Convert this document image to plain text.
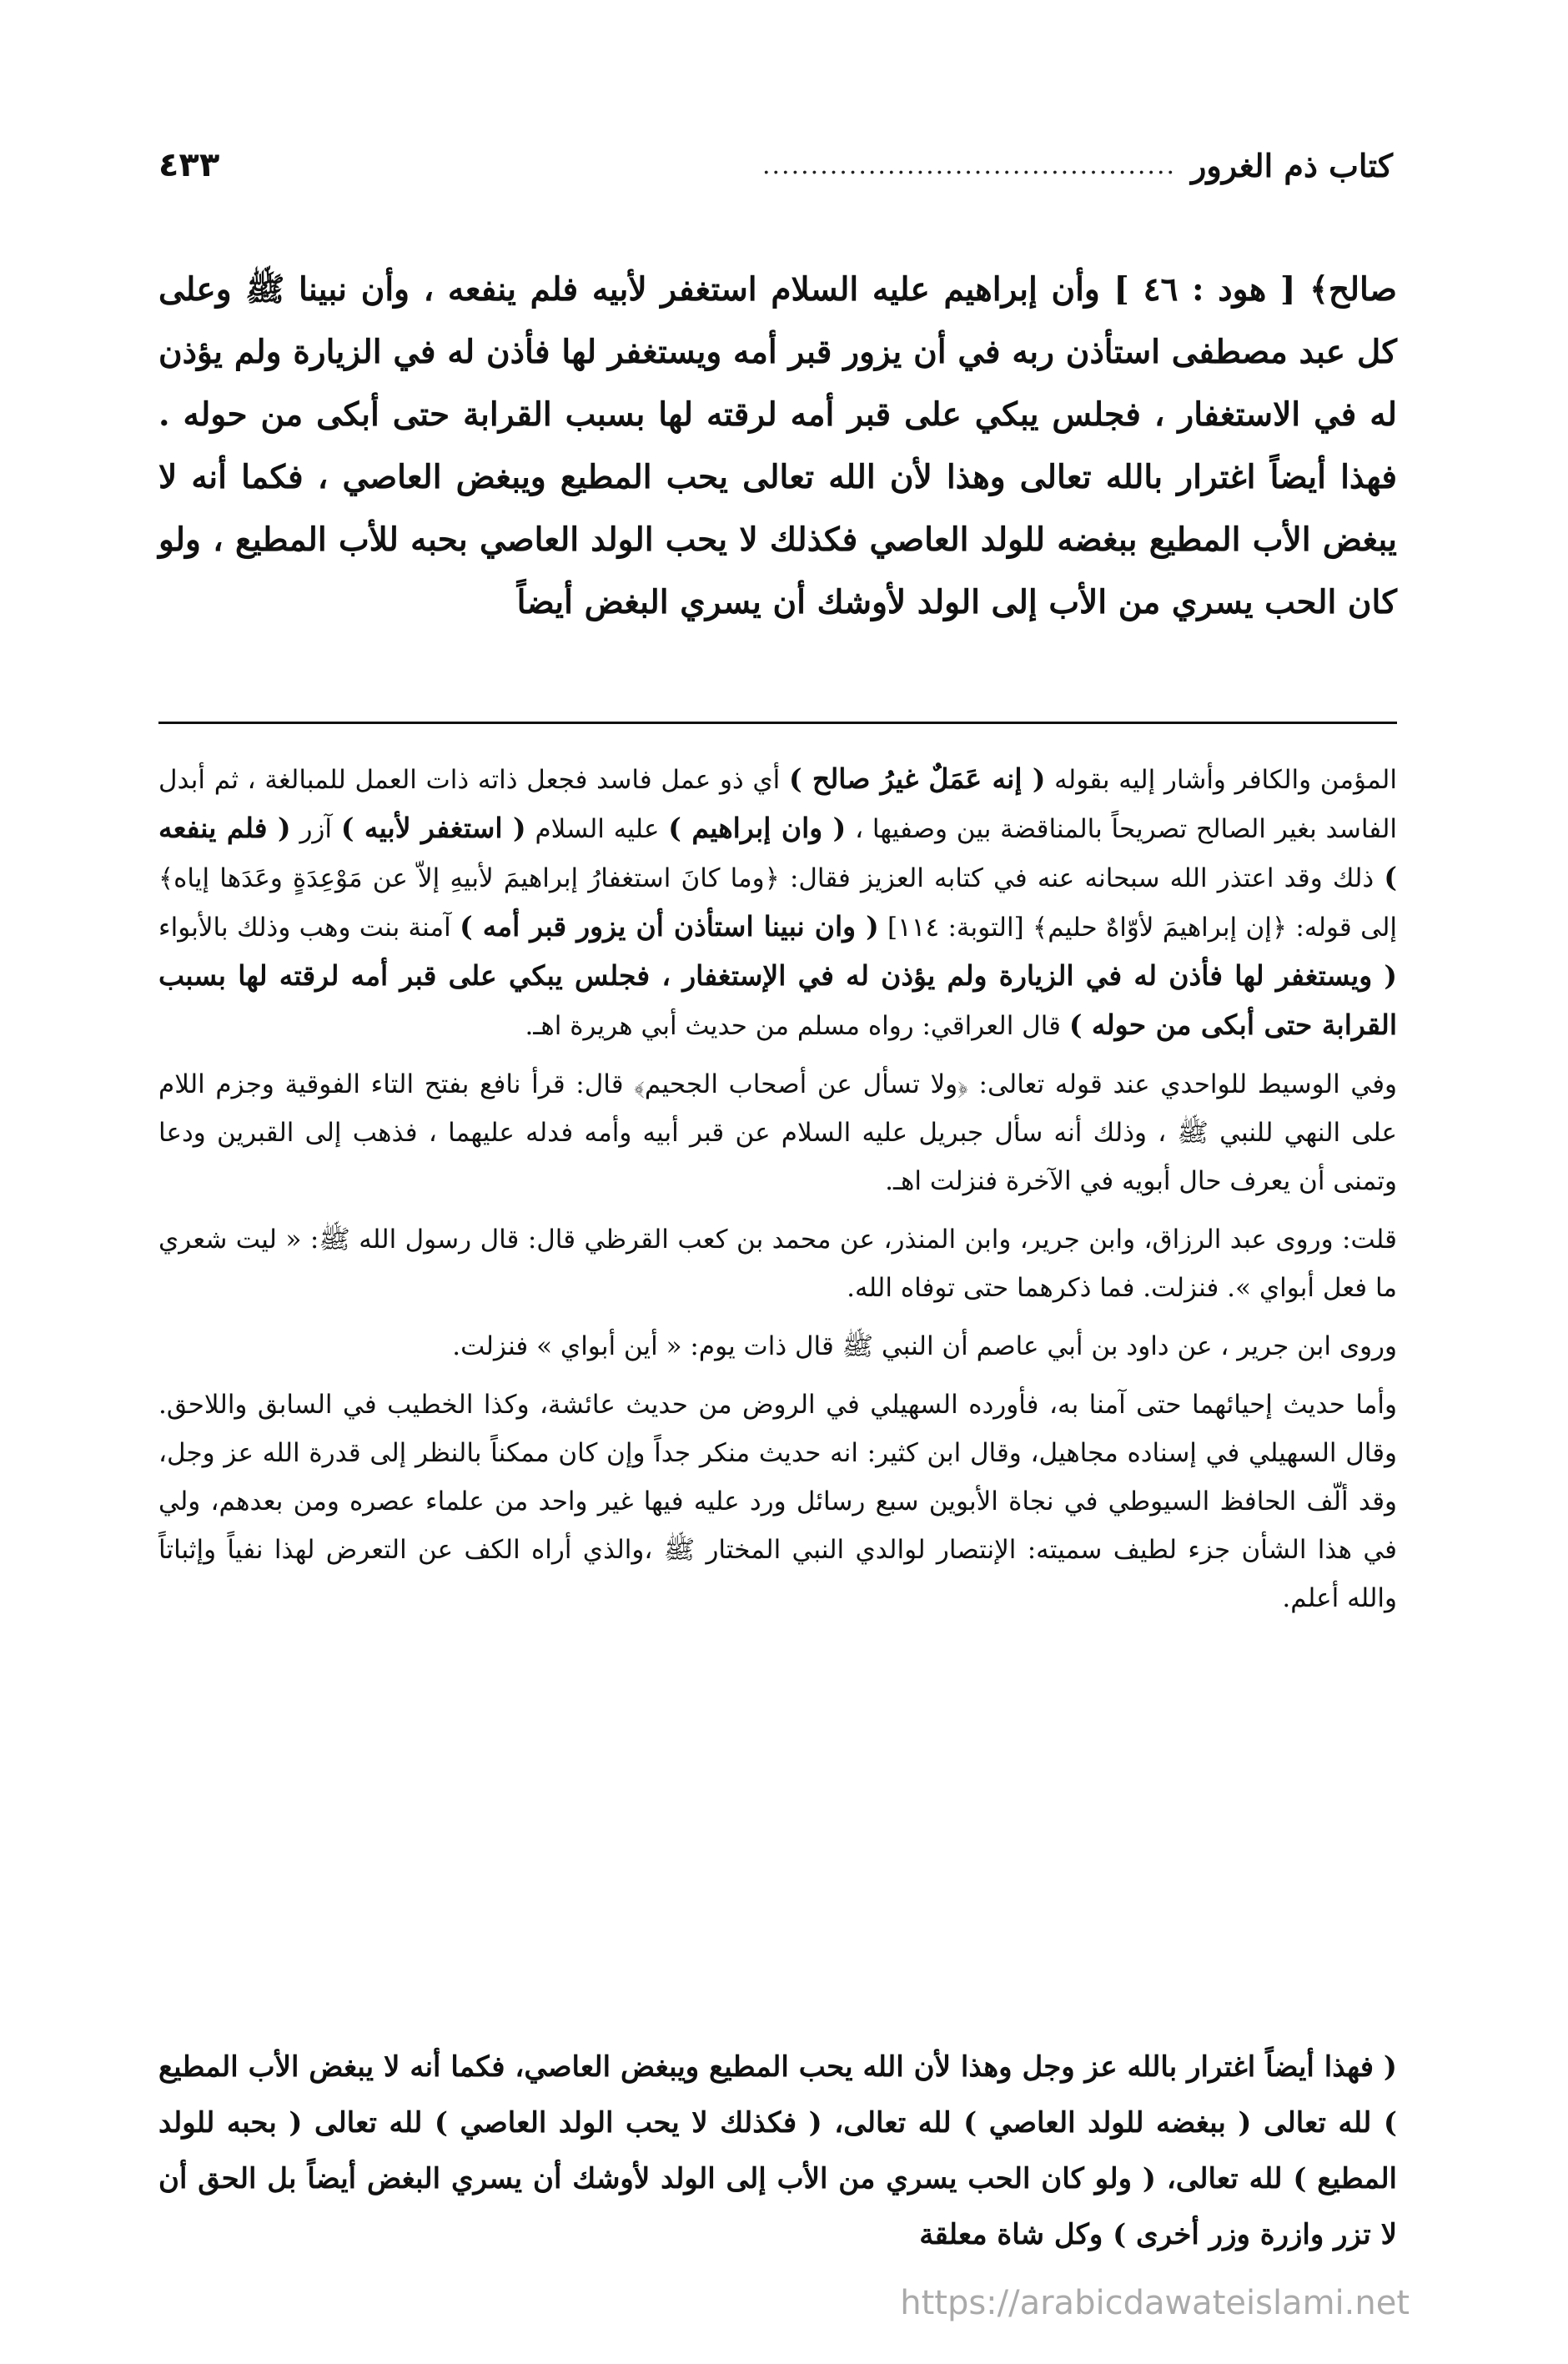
٤٣٣	........................................... كتاب ذم الغرور
صالح﴾ [ هود : ٤٦ ] وأن إبراهيم عليه السلام استغفر لأبيه فلم ينفعه ، وأن نبينا ﷺ وعلى كل عبد مصطفى استأذن ربه في أن يزور قبر أمه ويستغفر لها فأذن له في الزيارة ولم يؤذن له في الاستغفار ، فجلس يبكي على قبر أمه لرقته لها بسبب القرابة حتى أبكى من حوله . فهذا أيضاً اغترار بالله تعالى وهذا لأن الله تعالى يحب المطيع ويبغض العاصي ، فكما أنه لا يبغض الأب المطيع ببغضه للولد العاصي فكذلك لا يحب الولد العاصي بحبه للأب المطيع ، ولو كان الحب يسري من الأب إلى الولد لأوشك أن يسري البغض أيضاً

المؤمن والكافر وأشار إليه بقوله ( إنه عَمَلٌ غيرُ صالح ) أي ذو عمل فاسد فجعل ذاته ذات العمل للمبالغة ، ثم أبدل الفاسد بغير الصالح تصريحاً بالمناقضة بين وصفيها ، ( وان إبراهيم ) عليه السلام ( استغفر لأبيه ) آزر ( فلم ينفعه ) ذلك وقد اعتذر الله سبحانه عنه في كتابه العزيز فقال: ﴿وما كانَ استغفارُ إبراهيمَ لأبيهِ إلاّ عن مَوْعِدَةٍ وعَدَها إياه﴾ إلى قوله: ﴿إن إبراهيمَ لأوّاهٌ حليم﴾ [التوبة: ١١٤] ( وان نبينا استأذن أن يزور قبر أمه ) آمنة بنت وهب وذلك بالأبواء ( ويستغفر لها فأذن له في الزيارة ولم يؤذن له في الإستغفار ، فجلس يبكي على قبر أمه لرقته لها بسبب القرابة حتى أبكى من حوله ) قال العراقي: رواه مسلم من حديث أبي هريرة اهـ.

وفي الوسيط للواحدي عند قوله تعالى: ﴿ولا تسأل عن أصحاب الجحيم﴾ قال: قرأ نافع بفتح التاء الفوقية وجزم اللام على النهي للنبي ﷺ ، وذلك أنه سأل جبريل عليه السلام عن قبر أبيه وأمه فدله عليهما ، فذهب إلى القبرين ودعا وتمنى أن يعرف حال أبويه في الآخرة فنزلت اهـ.

قلت: وروى عبد الرزاق، وابن جرير، وابن المنذر، عن محمد بن كعب القرظي قال: قال رسول الله ﷺ: « ليت شعري ما فعل أبواي ». فنزلت. فما ذكرهما حتى توفاه الله.

وروى ابن جرير ، عن داود بن أبي عاصم أن النبي ﷺ قال ذات يوم: « أين أبواي » فنزلت.

وأما حديث إحيائهما حتى آمنا به، فأورده السهيلي في الروض من حديث عائشة، وكذا الخطيب في السابق واللاحق. وقال السهيلي في إسناده مجاهيل، وقال ابن كثير: انه حديث منكر جداً وإن كان ممكناً بالنظر إلى قدرة الله عز وجل، وقد ألّف الحافظ السيوطي في نجاة الأبوين سبع رسائل ورد عليه فيها غير واحد من علماء عصره ومن بعدهم، ولي في هذا الشأن جزء لطيف سميته: الإنتصار لوالدي النبي المختار ﷺ ،والذي أراه الكف عن التعرض لهذا نفياً وإثباتاً والله أعلم.

( فهذا أيضاً اغترار بالله عز وجل وهذا لأن الله يحب المطيع ويبغض العاصي، فكما أنه لا يبغض الأب المطيع ) لله تعالى ( ببغضه للولد العاصي ) لله تعالى، ( فكذلك لا يحب الولد العاصي ) لله تعالى ( بحبه للولد المطيع ) لله تعالى، ( ولو كان الحب يسري من الأب إلى الولد لأوشك أن يسري البغض أيضاً بل الحق أن لا تزر وازرة وزر أخرى ) وكل شاة معلقة
https://arabicdawateislami.net
